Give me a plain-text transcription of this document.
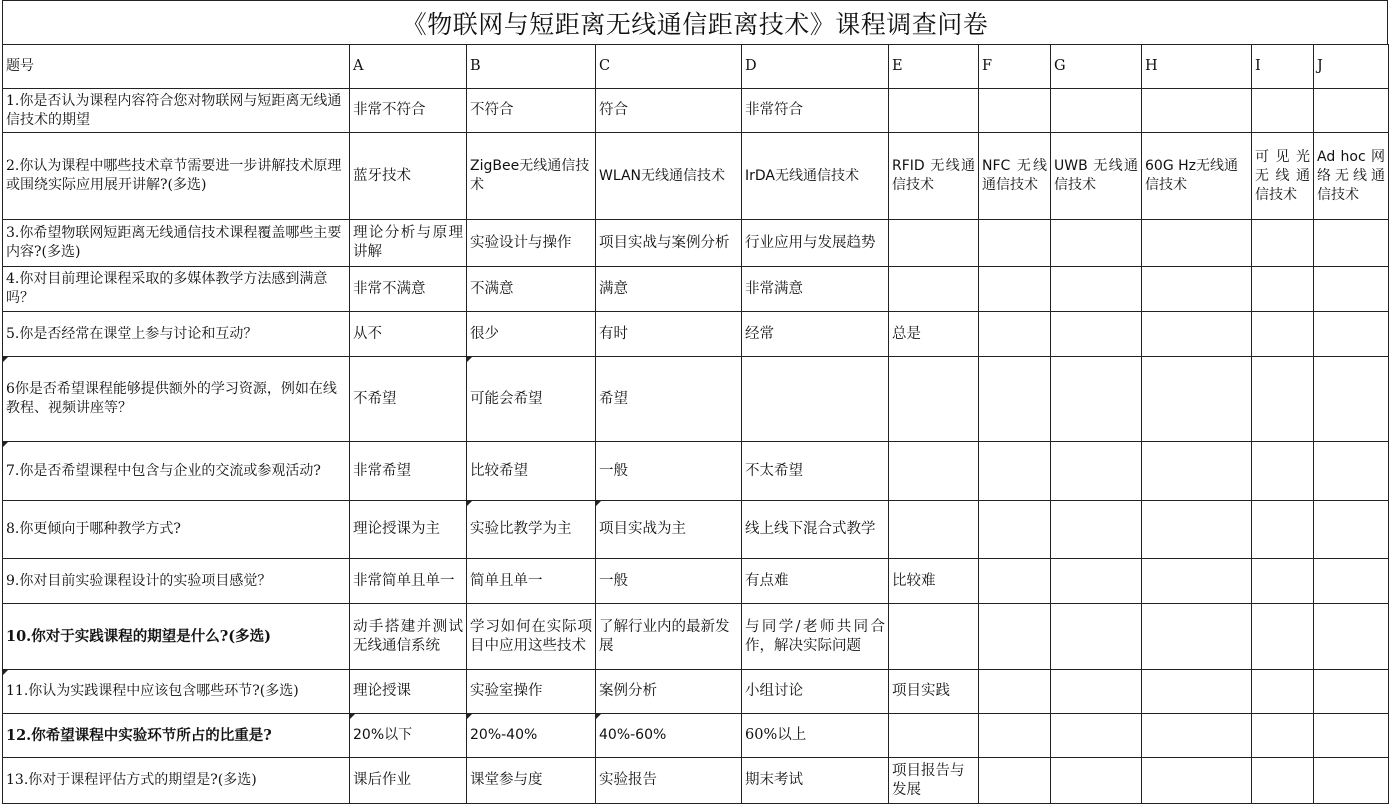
《物联网与短距离无线通信距离技术》课程调查问卷
题号	A	B	C	D	E	F	G	H	I	J
1.你是否认为课程内容符合您对物联网与短距离无线通信技术的期望	非常不符合	不符合	符合	非常符合						
2.你认为课程中哪些技术章节需要进一步讲解技术原理或围绕实际应用展开讲解?(多选)	蓝牙技术	ZigBee无线通信技术	WLAN无线通信技术	IrDA无线通信技术	RFID 无线通信技术	NFC 无线通信技术	UWB 无线通信技术	60G Hz无线通信技术	可见光无线通信技术	Ad hoc 网络无线通信技术
3.你希望物联网短距离无线通信技术课程覆盖哪些主要内容?(多选)	理论分析与原理讲解	实验设计与操作	项目实战与案例分析	行业应用与发展趋势						
4.你对目前理论课程采取的多媒体教学方法感到满意吗？	非常不满意	不满意	满意	非常满意						
5.你是否经常在课堂上参与讨论和互动？	从不	很少	有时	经常	总是					
6你是否希望课程能够提供额外的学习资源，例如在线教程、视频讲座等？	不希望	可能会希望	希望							
7.你是否希望课程中包含与企业的交流或参观活动?	非常希望	比较希望	一般	不太希望						
8.你更倾向于哪种教学方式?	理论授课为主	实验比教学为主	项目实战为主	线上线下混合式教学						
9.你对目前实验课程设计的实验项目感觉？	非常简单且单一	简单且单一	一般	有点难	比较难					
10.你对于实践课程的期望是什么?(多选)	动手搭建并测试无线通信系统	学习如何在实际项目中应用这些技术	了解行业内的最新发展	与同学/老师共同合作，解决实际问题						
11.你认为实践课程中应该包含哪些环节?(多选)	理论授课	实验室操作	案例分析	小组讨论	项目实践					
12.你希望课程中实验环节所占的比重是?	20%以下	20%-40%	40%-60%	60%以上						
13.你对于课程评估方式的期望是?(多选)	课后作业	课堂参与度	实验报告	期末考试	项目报告与发展					
